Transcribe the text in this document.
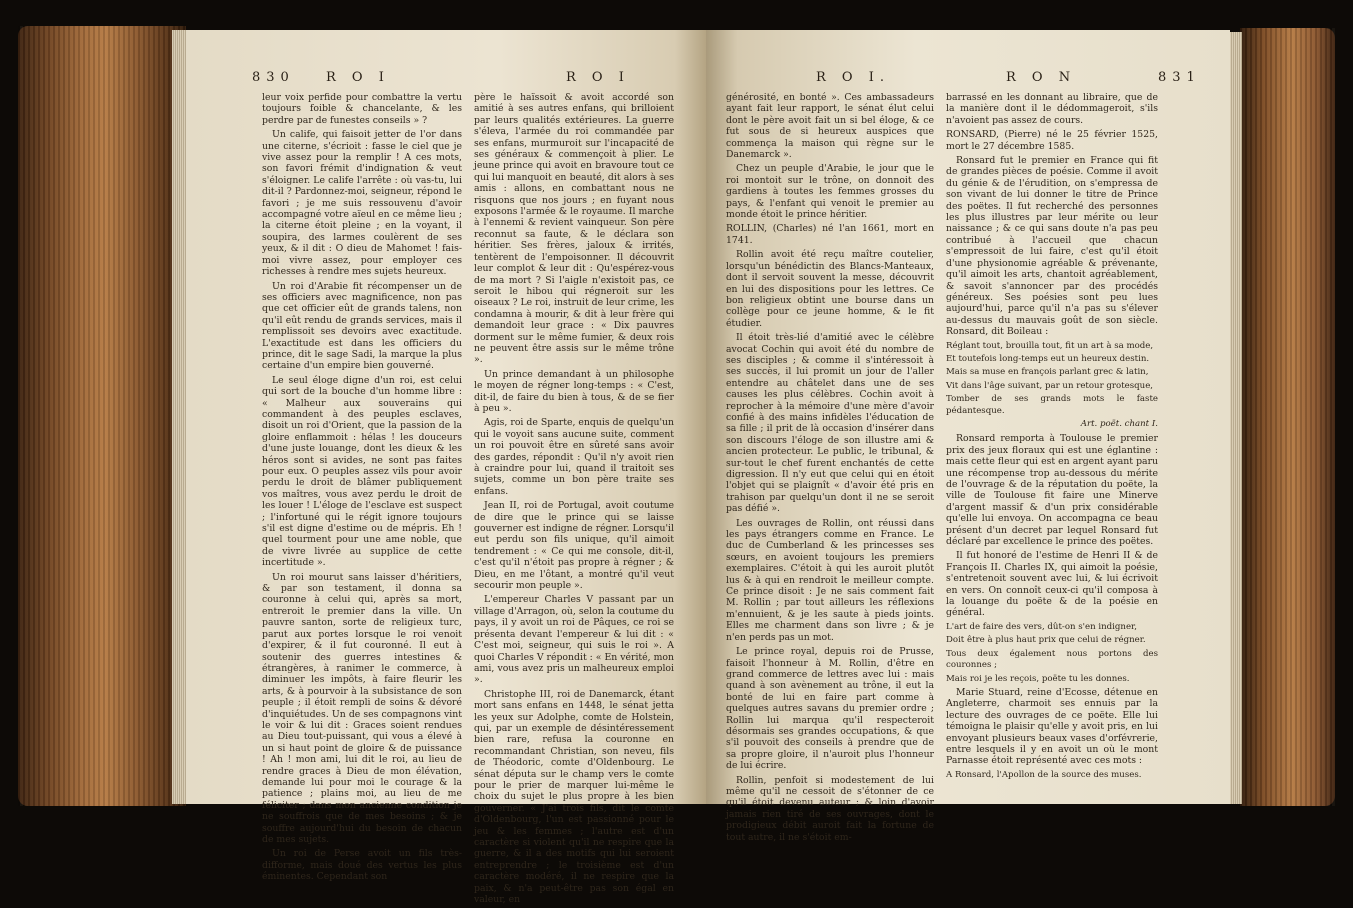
830 R O I	R O I

leur voix perfide pour combattre la vertu toujours foible & chancelante, & les perdre par de funestes conseils » ?

Un calife, qui faisoit jetter de l'or dans une citerne, s'écrioit : fasse le ciel que je vive assez pour la remplir ! A ces mots, son favori frémit d'indignation & veut s'éloigner. Le calife l'arrête : où vas-tu, lui dit-il ? Pardonnez-moi, seigneur, répond le favori ; je me suis ressouvenu d'avoir accompagné votre aïeul en ce même lieu ; la citerne étoit pleine ; en la voyant, il soupira, des larmes coulèrent de ses yeux, & il dit : O dieu de Mahomet ! fais-moi vivre assez, pour employer ces richesses à rendre mes sujets heureux.

Un roi d'Arabie fit récompenser un de ses officiers avec magnificence, non pas que cet officier eût de grands talens, non qu'il eût rendu de grands services, mais il remplissoit ses devoirs avec exactitude. L'exactitude est dans les officiers du prince, dit le sage Sadi, la marque la plus certaine d'un empire bien gouverné.

Le seul éloge digne d'un roi, est celui qui sort de la bouche d'un homme libre : « Malheur aux souverains qui commandent à des peuples esclaves, disoit un roi d'Orient, que la passion de la gloire enflammoit : hélas ! les douceurs d'une juste louange, dont les dieux & les héros sont si avides, ne sont pas faites pour eux. O peuples assez vils pour avoir perdu le droit de blâmer publiquement vos maîtres, vous avez perdu le droit de les louer ! L'éloge de l'esclave est suspect ; l'infortuné qui le régit ignore toujours s'il est digne d'estime ou de mépris. Eh ! quel tourment pour une ame noble, que de vivre livrée au supplice de cette incertitude ».

Un roi mourut sans laisser d'héritiers, & par son testament, il donna sa couronne à celui qui, après sa mort, entreroit le premier dans la ville. Un pauvre santon, sorte de religieux turc, parut aux portes lorsque le roi venoit d'expirer, & il fut couronné. Il eut à soutenir des guerres intestines & étrangères, à ranimer le commerce, à diminuer les impôts, à faire fleurir les arts, & à pourvoir à la subsistance de son peuple ; il étoit rempli de soins & dévoré d'inquiétudes. Un de ses compagnons vint le voir & lui dit : Graces soient rendues au Dieu tout-puissant, qui vous a élevé à un si haut point de gloire & de puissance ! Ah ! mon ami, lui dit le roi, au lieu de rendre graces à Dieu de mon élévation, demande lui pour moi le courage & la patience ; plains moi, au lieu de me féliciter ; dans mon ancienne condition je ne souffrois que de mes besoins ; & je souffre aujourd'hui du besoin de chacun de mes sujets.

Un roi de Perse avoit un fils très-difforme, mais doué des vertus les plus éminentes. Cependant son

père le haïssoit & avoit accordé son amitié à ses autres enfans, qui brilloient par leurs qualités extérieures. La guerre s'éleva, l'armée du roi commandée par ses enfans, murmuroit sur l'incapacité de ses généraux & commençoit à plier. Le jeune prince qui avoit en bravoure tout ce qui lui manquoit en beauté, dit alors à ses amis : allons, en combattant nous ne risquons que nos jours ; en fuyant nous exposons l'armée & le royaume. Il marche à l'ennemi & revient vainqueur. Son père reconnut sa faute, & le déclara son héritier. Ses frères, jaloux & irrités, tentèrent de l'empoisonner. Il découvrit leur complot & leur dit : Qu'espérez-vous de ma mort ? Si l'aigle n'existoit pas, ce seroit le hibou qui régneroit sur les oiseaux ? Le roi, instruit de leur crime, les condamna à mourir, & dit à leur frère qui demandoit leur grace : « Dix pauvres dorment sur le même fumier, & deux rois ne peuvent être assis sur le même trône ».

Un prince demandant à un philosophe le moyen de régner long-temps : « C'est, dit-il, de faire du bien à tous, & de se fier à peu ».

Agis, roi de Sparte, enquis de quelqu'un qui le voyoit sans aucune suite, comment un roi pouvoit être en sûreté sans avoir des gardes, répondit : Qu'il n'y avoit rien à craindre pour lui, quand il traitoit ses sujets, comme un bon père traite ses enfans.

Jean II, roi de Portugal, avoit coutume de dire que le prince qui se laisse gouverner est indigne de régner. Lorsqu'il eut perdu son fils unique, qu'il aimoit tendrement : « Ce qui me console, dit-il, c'est qu'il n'étoit pas propre à régner ; & Dieu, en me l'ôtant, a montré qu'il veut secourir mon peuple ».

L'empereur Charles V passant par un village d'Arragon, où, selon la coutume du pays, il y avoit un roi de Pâques, ce roi se présenta devant l'empereur & lui dit : « C'est moi, seigneur, qui suis le roi ». A quoi Charles V répondit : « En vérité, mon ami, vous avez pris un malheureux emploi ».

Christophe III, roi de Danemarck, étant mort sans enfans en 1448, le sénat jetta les yeux sur Adolphe, comte de Holstein, qui, par un exemple de désintéressement bien rare, refusa la couronne en recommandant Christian, son neveu, fils de Théodoric, comte d'Oldenbourg. Le sénat députa sur le champ vers le comte pour le prier de marquer lui-même le choix du sujet le plus propre à les bien gouverner. « J'ai trois fils, dit le comte d'Oldenbourg, l'un est passionné pour le jeu & les femmes ; l'autre est d'un caractère si violent qu'il ne respire que la guerre, & il a des motifs qui lui seroient entreprendre ; le troisième est d'un caractère modéré, il ne respire que la paix, & n'a peut-être pas son égal en valeur, en

R O I.	R O N	831

générosité, en bonté ». Ces ambassadeurs ayant fait leur rapport, le sénat élut celui dont le père avoit fait un si bel éloge, & ce fut sous de si heureux auspices que commença la maison qui règne sur le Danemarck ».

Chez un peuple d'Arabie, le jour que le roi montoit sur le trône, on donnoit des gardiens à toutes les femmes grosses du pays, & l'enfant qui venoit le premier au monde étoit le prince héritier.

ROLLIN, (Charles) né l'an 1661, mort en 1741.

Rollin avoit été reçu maître coutelier, lorsqu'un bénédictin des Blancs-Manteaux, dont il servoit souvent la messe, découvrit en lui des dispositions pour les lettres. Ce bon religieux obtint une bourse dans un collège pour ce jeune homme, & le fit étudier.

Il étoit très-lié d'amitié avec le célèbre avocat Cochin qui avoit été du nombre de ses disciples ; & comme il s'intéressoit à ses succès, il lui promit un jour de l'aller entendre au châtelet dans une de ses causes les plus célèbres. Cochin avoit à reprocher à la mémoire d'une mère d'avoir confié à des mains infidèles l'éducation de sa fille ; il prit de là occasion d'insérer dans son discours l'éloge de son illustre ami & ancien protecteur. Le public, le tribunal, & sur-tout le chef furent enchantés de cette digression. Il n'y eut que celui qui en étoit l'objet qui se plaignît « d'avoir été pris en trahison par quelqu'un dont il ne se seroit pas défié ».

Les ouvrages de Rollin, ont réussi dans les pays étrangers comme en France. Le duc de Cumberland & les princesses ses sœurs, en avoient toujours les premiers exemplaires. C'étoit à qui les auroit plutôt lus & à qui en rendroit le meilleur compte. Ce prince disoit : Je ne sais comment fait M. Rollin ; par tout ailleurs les réflexions m'ennuient, & je les saute à pieds joints. Elles me charment dans son livre ; & je n'en perds pas un mot.

Le prince royal, depuis roi de Prusse, faisoit l'honneur à M. Rollin, d'être en grand commerce de lettres avec lui : mais quand à son avènement au trône, il eut la bonté de lui en faire part comme à quelques autres savans du premier ordre ; Rollin lui marqua qu'il respecteroit désormais ses grandes occupations, & que s'il pouvoit des conseils à prendre que de sa propre gloire, il n'auroit plus l'honneur de lui écrire.

Rollin, penfoit si modestement de lui même qu'il ne cessoit de s'étonner de ce qu'il étoit devenu auteur ; & loin d'avoir jamais rien tiré de ses ouvrages, dont le prodigieux débit auroit fait la fortune de tout autre, il ne s'étoit em-

barrassé en les donnant au libraire, que de la manière dont il le dédommageroit, s'ils n'avoient pas assez de cours.

RONSARD, (Pierre) né le 25 février 1525, mort le 27 décembre 1585.

Ronsard fut le premier en France qui fit de grandes pièces de poésie. Comme il avoit du génie & de l'érudition, on s'empressa de son vivant de lui donner le titre de Prince des poëtes. Il fut recherché des personnes les plus illustres par leur mérite ou leur naissance ; & ce qui sans doute n'a pas peu contribué à l'accueil que chacun s'empressoit de lui faire, c'est qu'il étoit d'une physionomie agréable & prévenante, qu'il aimoit les arts, chantoit agréablement, & savoit s'annoncer par des procédés généreux. Ses poésies sont peu lues aujourd'hui, parce qu'il n'a pas su s'élever au-dessus du mauvais goût de son siècle. Ronsard, dit Boileau :

Réglant tout, brouilla tout, fit un art à sa mode,

Et toutefois long-temps eut un heureux destin.

Mais sa muse en françois parlant grec & latin,

Vit dans l'âge suivant, par un retour grotesque,

Tomber de ses grands mots le faste pédantesque.

Art. poët. chant I.

Ronsard remporta à Toulouse le premier prix des jeux floraux qui est une églantine : mais cette fleur qui est en argent ayant paru une récompense trop au-dessous du mérite de l'ouvrage & de la réputation du poëte, la ville de Toulouse fit faire une Minerve d'argent massif & d'un prix considérable qu'elle lui envoya. On accompagna ce beau présent d'un decret par lequel Ronsard fut déclaré par excellence le prince des poëtes.

Il fut honoré de l'estime de Henri II & de François II. Charles IX, qui aimoit la poésie, s'entretenoit souvent avec lui, & lui écrivoit en vers. On connoît ceux-ci qu'il composa à la louange du poëte & de la poésie en général.

L'art de faire des vers, dût-on s'en indigner,

Doit être à plus haut prix que celui de régner.

Tous deux également nous portons des couronnes ;

Mais roi je les reçois, poëte tu les donnes.

Marie Stuard, reine d'Ecosse, détenue en Angleterre, charmoit ses ennuis par la lecture des ouvrages de ce poëte. Elle lui témoigna le plaisir qu'elle y avoit pris, en lui envoyant plusieurs beaux vases d'orfévrerie, entre lesquels il y en avoit un où le mont Parnasse étoit représenté avec ces mots :

A Ronsard, l'Apollon de la source des muses.
